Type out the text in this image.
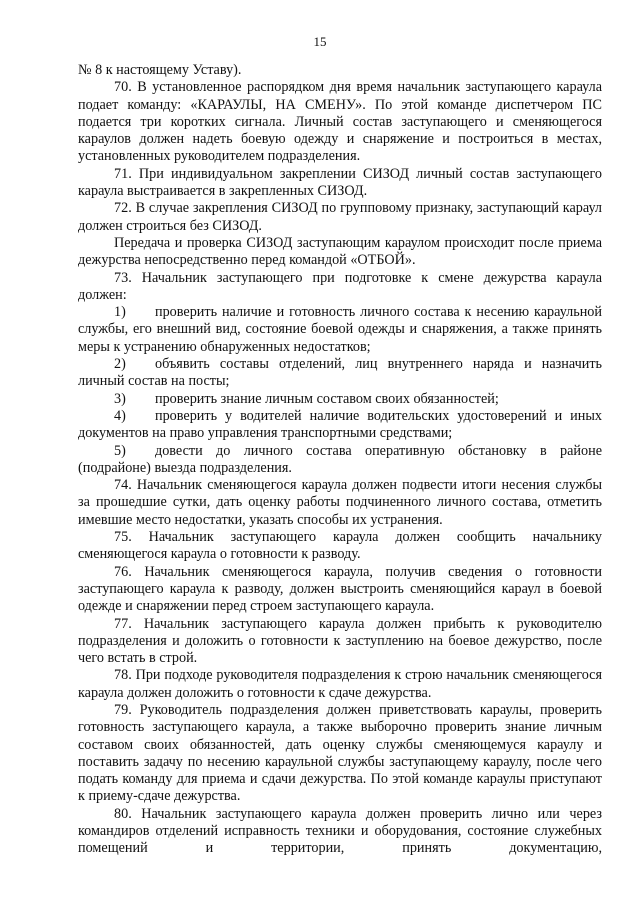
15

№ 8 к настоящему Уставу).

70. В установленное распорядком дня время начальник заступающего караула подает команду: «КАРАУЛЫ, НА СМЕНУ». По этой команде диспетчером ПС подается три коротких сигнала. Личный состав заступающего и сменяющегося караулов должен надеть боевую одежду и снаряжение и построиться в местах, установленных руководителем подразделения.

71. При индивидуальном закреплении СИЗОД личный состав заступающего караула выстраивается в закрепленных СИЗОД.

72. В случае закрепления СИЗОД по групповому признаку, заступающий караул должен строиться без СИЗОД.

Передача и проверка СИЗОД заступающим караулом происходит после приема дежурства непосредственно перед командой «ОТБОЙ».

73. Начальник заступающего при подготовке к смене дежурства караула должен:

1) проверить наличие и готовность личного состава к несению караульной службы, его внешний вид, состояние боевой одежды и снаряжения, а также принять меры к устранению обнаруженных недостатков;

2) объявить составы отделений, лиц внутреннего наряда и назначить личный состав на посты;

3) проверить знание личным составом своих обязанностей;

4) проверить у водителей наличие водительских удостоверений и иных документов на право управления транспортными средствами;

5) довести до личного состава оперативную обстановку в районе (подрайоне) выезда подразделения.

74. Начальник сменяющегося караула должен подвести итоги несения службы за прошедшие сутки, дать оценку работы подчиненного личного состава, отметить имевшие место недостатки, указать способы их устранения.

75. Начальник заступающего караула должен сообщить начальнику сменяющегося караула о готовности к разводу.

76. Начальник сменяющегося караула, получив сведения о готовности заступающего караула к разводу, должен выстроить сменяющийся караул в боевой одежде и снаряжении перед строем заступающего караула.

77. Начальник заступающего караула должен прибыть к руководителю подразделения и доложить о готовности к заступлению на боевое дежурство, после чего встать в строй.

78. При подходе руководителя подразделения к строю начальник сменяющегося караула должен доложить о готовности к сдаче дежурства.

79. Руководитель подразделения должен приветствовать караулы, проверить готовность заступающего караула, а также выборочно проверить знание личным составом своих обязанностей, дать оценку службы сменяющемуся караулу и поставить задачу по несению караульной службы заступающему караулу, после чего подать команду для приема и сдачи дежурства. По этой команде караулы приступают к приему-сдаче дежурства.

80. Начальник заступающего караула должен проверить лично или через командиров отделений исправность техники и оборудования, состояние служебных помещений и территории, принять документацию,
